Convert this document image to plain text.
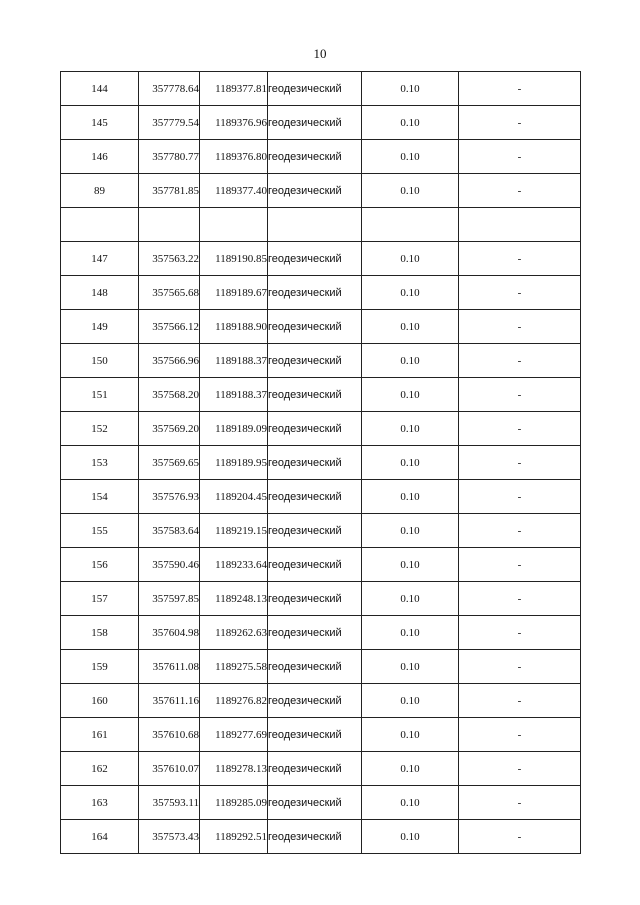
10
144	357778.64	1189377.81	геодезический	0.10	-
145	357779.54	1189376.96	геодезический	0.10	-
146	357780.77	1189376.80	геодезический	0.10	-
89	357781.85	1189377.40	геодезический	0.10	-

147	357563.22	1189190.85	геодезический	0.10	-
148	357565.68	1189189.67	геодезический	0.10	-
149	357566.12	1189188.90	геодезический	0.10	-
150	357566.96	1189188.37	геодезический	0.10	-
151	357568.20	1189188.37	геодезический	0.10	-
152	357569.20	1189189.09	геодезический	0.10	-
153	357569.65	1189189.95	геодезический	0.10	-
154	357576.93	1189204.45	геодезический	0.10	-
155	357583.64	1189219.15	геодезический	0.10	-
156	357590.46	1189233.64	геодезический	0.10	-
157	357597.85	1189248.13	геодезический	0.10	-
158	357604.98	1189262.63	геодезический	0.10	-
159	357611.08	1189275.58	геодезический	0.10	-
160	357611.16	1189276.82	геодезический	0.10	-
161	357610.68	1189277.69	геодезический	0.10	-
162	357610.07	1189278.13	геодезический	0.10	-
163	357593.11	1189285.09	геодезический	0.10	-
164	357573.43	1189292.51	геодезический	0.10	-
